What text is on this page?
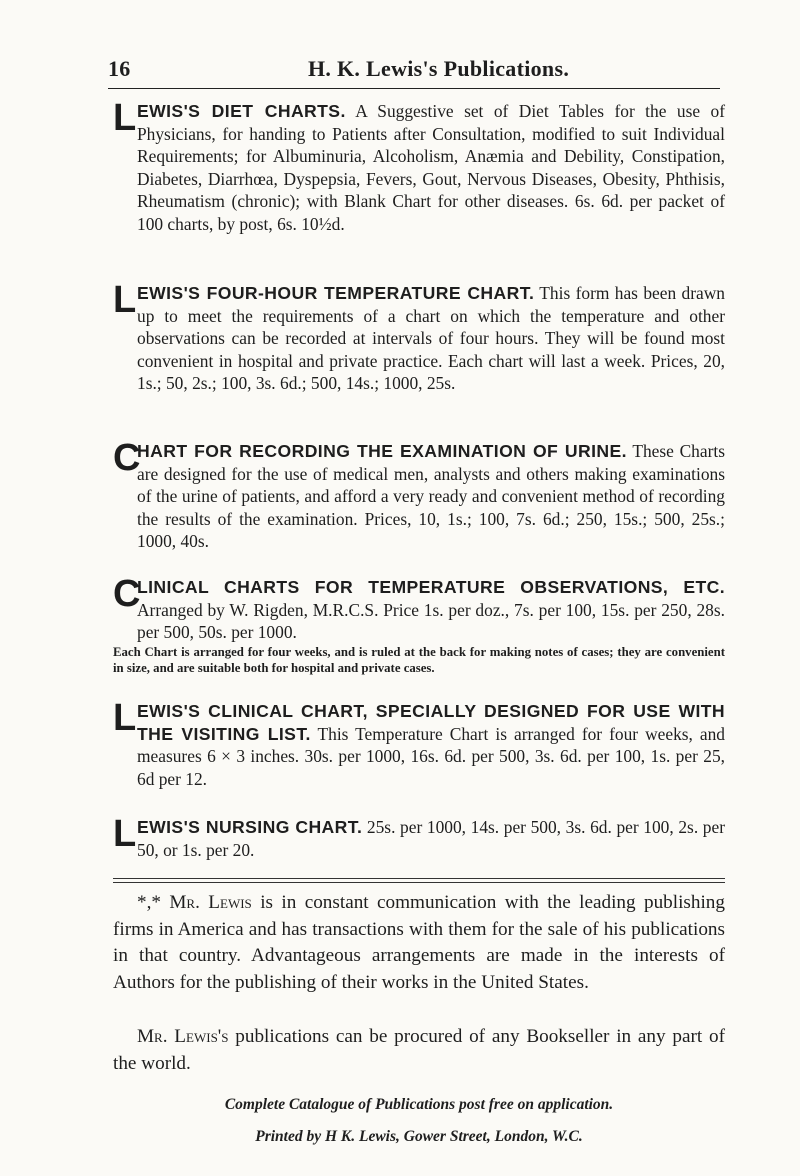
16	H. K. Lewis's Publications.
L EWIS'S DIET CHARTS. A Suggestive set of Diet Tables for the use of Physicians, for handing to Patients after Consultation, modified to suit Individual Requirements; for Albuminuria, Alcoholism, Anæmia and Debility, Constipation, Diabetes, Diarrhœa, Dyspepsia, Fevers, Gout, Nervous Diseases, Obesity, Phthisis, Rheumatism (chronic); with Blank Chart for other diseases. 6s. 6d. per packet of 100 charts, by post, 6s. 10½d.
L EWIS'S FOUR-HOUR TEMPERATURE CHART. This form has been drawn up to meet the requirements of a chart on which the temperature and other observations can be recorded at intervals of four hours. They will be found most convenient in hospital and private practice. Each chart will last a week. Prices, 20, 1s.; 50, 2s.; 100, 3s. 6d.; 500, 14s.; 1000, 25s.
C
HART FOR RECORDING THE EXAMINATION OF URINE. These Charts are designed for the use of medical men, analysts and others making examinations of the urine of patients, and afford a very ready and convenient method of recording the results of the examination. Prices, 10, 1s.; 100, 7s. 6d.; 250, 15s.; 500, 25s.; 1000, 40s.
C
LINICAL CHARTS FOR TEMPERATURE OBSERVATIONS, ETC. Arranged by W. Rigden, M.R.C.S. Price 1s. per doz., 7s. per 100, 15s. per 250, 28s. per 500, 50s. per 1000.
Each Chart is arranged for four weeks, and is ruled at the back for making notes of cases; they are convenient in size, and are suitable both for hospital and private cases.
L EWIS'S CLINICAL CHART, SPECIALLY DESIGNED FOR USE WITH THE VISITING LIST. This Temperature Chart is arranged for four weeks, and measures 6 × 3 inches. 30s. per 1000, 16s. 6d. per 500, 3s. 6d. per 100, 1s. per 25, 6d per 12.
L EWIS'S NURSING CHART. 25s. per 1000, 14s. per 500, 3s. 6d. per 100, 2s. per 50, or 1s. per 20.
*,* Mr. Lewis is in constant communication with the leading publishing firms in America and has transactions with them for the sale of his publications in that country. Advantageous arrangements are made in the interests of Authors for the publishing of their works in the United States.
Mr. Lewis's publications can be procured of any Bookseller in any part of the world.
Complete Catalogue of Publications post free on application.
Printed by H K. Lewis, Gower Street, London, W.C.
